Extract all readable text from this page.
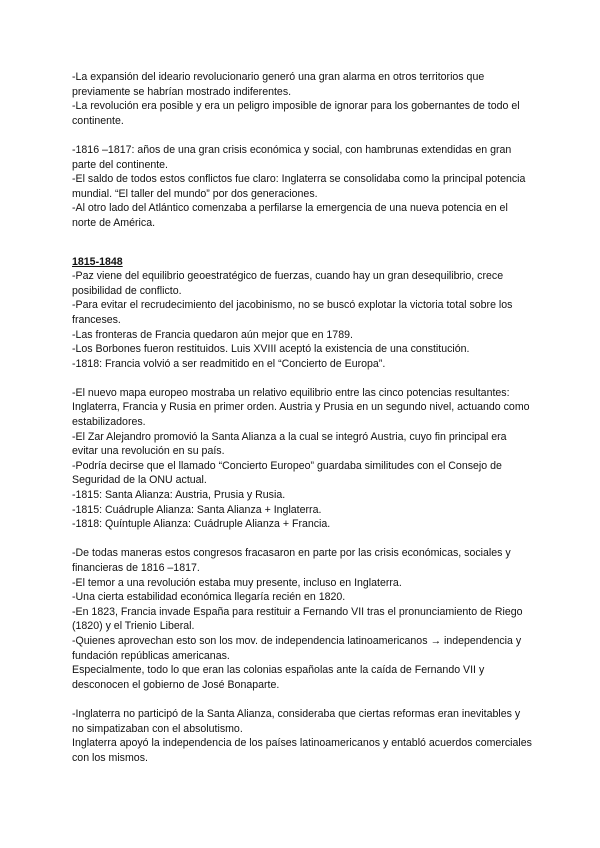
-La expansión del ideario revolucionario generó una gran alarma en otros territorios que previamente se habrían mostrado indiferentes.

-La revolución era posible y era un peligro imposible de ignorar para los gobernantes de todo el continente.

-1816 –1817: años de una gran crisis económica y social, con hambrunas extendidas en gran parte del continente.

-El saldo de todos estos conflictos fue claro: Inglaterra se consolidaba como la principal potencia mundial. “El taller del mundo” por dos generaciones.

-Al otro lado del Atlántico comenzaba a perfilarse la emergencia de una nueva potencia en el norte de América.

1815-1848

-Paz viene del equilibrio geoestratégico de fuerzas, cuando hay un gran desequilibrio, crece posibilidad de conflicto.

-Para evitar el recrudecimiento del jacobinismo, no se buscó explotar la victoria total sobre los franceses.

-Las fronteras de Francia quedaron aún mejor que en 1789.

-Los Borbones fueron restituidos. Luis XVIII aceptó la existencia de una constitución.

-1818: Francia volvió a ser readmitido en el “Concierto de Europa”.

-El nuevo mapa europeo mostraba un relativo equilibrio entre las cinco potencias resultantes: Inglaterra, Francia y Rusia en primer orden. Austria y Prusia en un segundo nivel, actuando como estabilizadores.

-El Zar Alejandro promovió la Santa Alianza a la cual se integró Austria, cuyo fin principal era evitar una revolución en su país.

-Podría decirse que el llamado “Concierto Europeo” guardaba similitudes con el Consejo de Seguridad de la ONU actual.

-1815: Santa Alianza: Austria, Prusia y Rusia.

-1815: Cuádruple Alianza: Santa Alianza + Inglaterra.

-1818: Quíntuple Alianza: Cuádruple Alianza + Francia.

-De todas maneras estos congresos fracasaron en parte por las crisis económicas, sociales y financieras de 1816 –1817.

-El temor a una revolución estaba muy presente, incluso en Inglaterra.

-Una cierta estabilidad económica llegaría recién en 1820.

-En 1823, Francia invade España para restituir a Fernando VII tras el pronunciamiento de Riego (1820) y el Trienio Liberal.

-Quienes aprovechan esto son los mov. de independencia latinoamericanos → independencia y fundación repúblicas americanas.

Especialmente, todo lo que eran las colonias españolas ante la caída de Fernando VII y desconocen el gobierno de José Bonaparte.

-Inglaterra no participó de la Santa Alianza, consideraba que ciertas reformas eran inevitables y no simpatizaban con el absolutismo.

Inglaterra apoyó la independencia de los países latinoamericanos y entabló acuerdos comerciales con los mismos.
